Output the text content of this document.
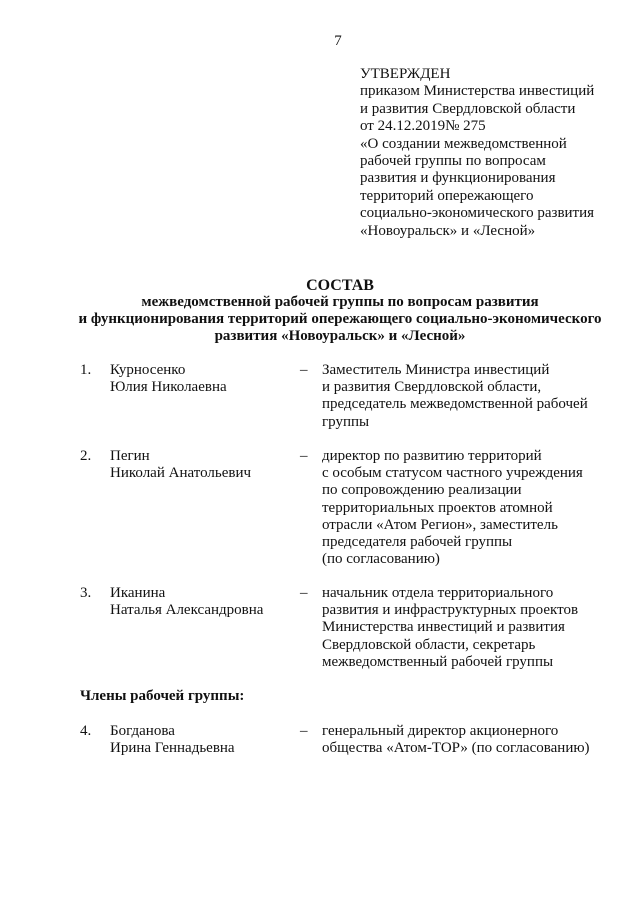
7
УТВЕРЖДЕН
приказом Министерства инвестиций
и развития Свердловской области
от 24.12.2019№ 275
«О создании межведомственной
рабочей группы по вопросам
развития и функционирования
территорий опережающего
социально-экономического развития
«Новоуральск» и «Лесной»
СОСТАВ
межведомственной рабочей группы по вопросам развития
и функционирования территорий опережающего социально-экономического
развития «Новоуральск» и «Лесной»
1. Курносенко
Юлия Николаевна
– Заместитель Министра инвестиций
и развития Свердловской области,
председатель межведомственной рабочей
группы
2. Пегин
Николай Анатольевич
– директор по развитию территорий
с особым статусом частного учреждения
по сопровождению реализации
территориальных проектов атомной
отрасли «Атом Регион», заместитель
председателя рабочей группы
(по согласованию)
3. Иканина
Наталья Александровна
– начальник отдела территориального
развития и инфраструктурных проектов
Министерства инвестиций и развития
Свердловской области, секретарь
межведомственный рабочей группы
Члены рабочей группы:
4. Богданова
Ирина Геннадьевна
– генеральный директор акционерного
общества «Атом-ТОР» (по согласованию)
